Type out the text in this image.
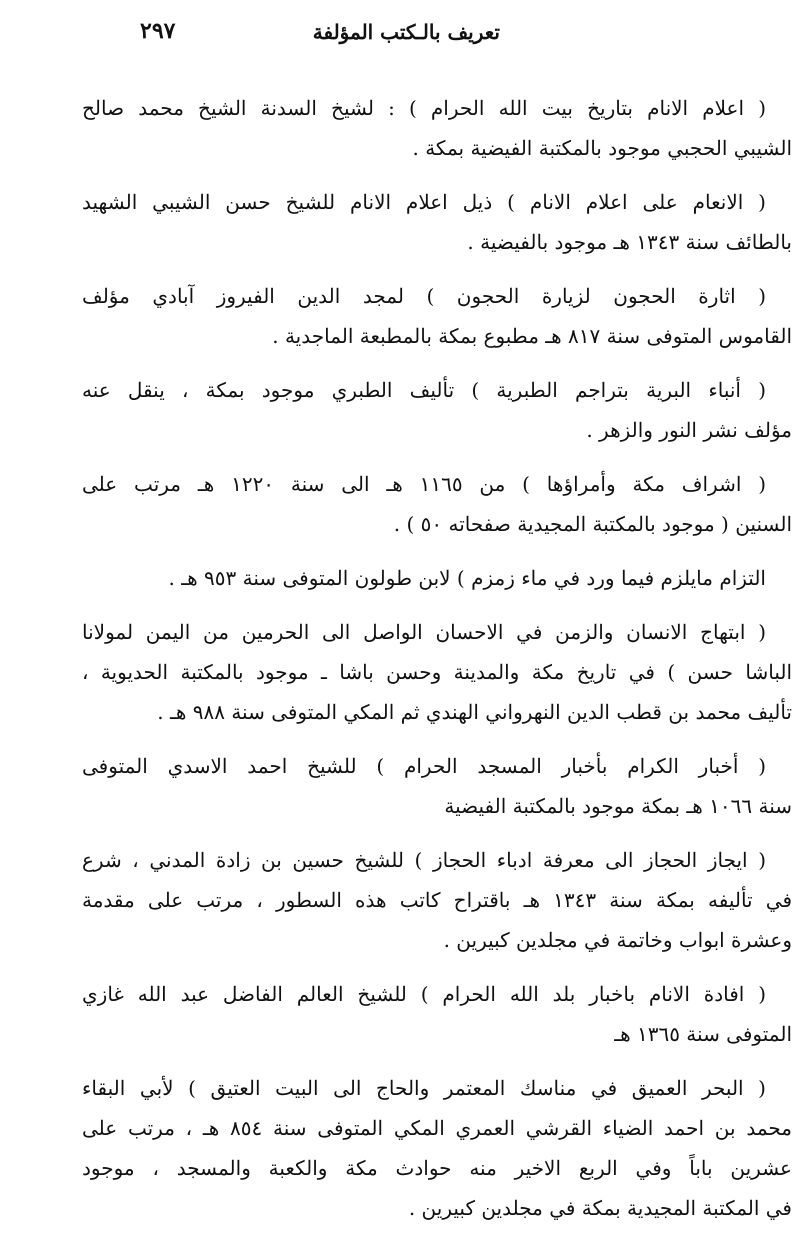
تعريف بالـكتب المؤلفة
٢٩٧
( اعلام الانام بتاريخ بيت الله الحرام ) : لشيخ السدنة الشيخ محمد صالح
الشيبي الحجبي موجود بالمكتبة الفيضية بمكة .
( الانعام على اعلام الانام ) ذيل اعلام الانام للشيخ حسن الشيبي الشهيد
بالطائف سنة ١٣٤٣ هـ موجود بالفيضية .
( اثارة الحجون لزيارة الحجون ) لمجد الدين الفيروز آبادي مؤلف
القاموس المتوفى سنة ٨١٧ هـ مطبوع بمكة بالمطبعة الماجدية .
( أنباء البرية بتراجم الطبرية ) تأليف الطبري موجود بمكة ، ينقل عنه
مؤلف نشر النور والزهر .
( اشراف مكة وأمراؤها ) من ١١٦٥ هـ الى سنة ١٢٢٠ هـ مرتب على
السنين ( موجود بالمكتبة المجيدية صفحاته ٥٠ ) .
التزام مايلزم فيما ورد في ماء زمزم ) لابن طولون المتوفى سنة ٩٥٣ هـ .
( ابتهاج الانسان والزمن في الاحسان الواصل الى الحرمين من اليمن لمولانا
الباشا حسن ) في تاريخ مكة والمدينة وحسن باشا ـ موجود بالمكتبة الحديوية ،
تأليف محمد بن قطب الدين النهرواني الهندي ثم المكي المتوفى سنة ٩٨٨ هـ .
( أخبار الكرام بأخبار المسجد الحرام ) للشيخ احمد الاسدي المتوفى
سنة ١٠٦٦ هـ بمكة موجود بالمكتبة الفيضية
( ايجاز الحجاز الى معرفة ادباء الحجاز ) للشيخ حسين بن زادة المدني ، شرع
في تأليفه بمكة سنة ١٣٤٣ هـ باقتراح كاتب هذه السطور ، مرتب على مقدمة
وعشرة ابواب وخاتمة في مجلدين كبيرين .
( افادة الانام باخبار بلد الله الحرام ) للشيخ العالم الفاضل عبد الله غازي
المتوفى سنة ١٣٦٥ هـ
( البحر العميق في مناسك المعتمر والحاج الى البيت العتيق ) لأبي البقاء
محمد بن احمد الضياء القرشي العمري المكي المتوفى سنة ٨٥٤ هـ ، مرتب على
عشرين باباً وفي الربع الاخير منه حوادث مكة والكعبة والمسجد ، موجود
في المكتبة المجيدية بمكة في مجلدين كبيرين .
